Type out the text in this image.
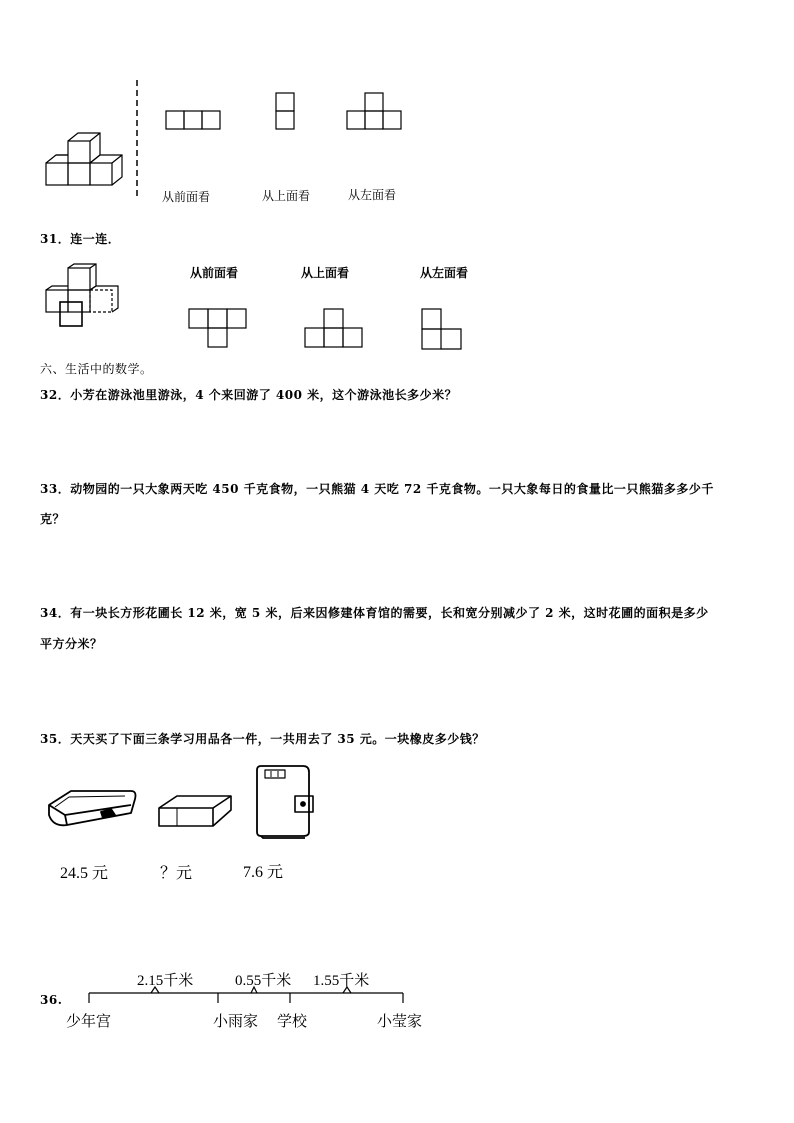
从前面看	从上面看	从左面看
31．连一连．
从前面看	从上面看	从左面看
六、生活中的数学。
32．小芳在游泳池里游泳，4 个来回游了 400 米，这个游泳池长多少米？
33．动物园的一只大象两天吃 450 千克食物，一只熊猫 4 天吃 72 千克食物。一只大象每日的食量比一只熊猫多多少千
克？
34．有一块长方形花圃长 12 米，宽 5 米，后来因修建体育馆的需要，长和宽分别减少了 2 米，这时花圃的面积是多少
平方分米？
35．天天买了下面三条学习用品各一件，一共用去了 35 元。一块橡皮多少钱？
24.5 元	？元	7.6 元
36.
2.15千米	0.55千米 1.55千米
少年宫	小雨家 学校	小莹家
